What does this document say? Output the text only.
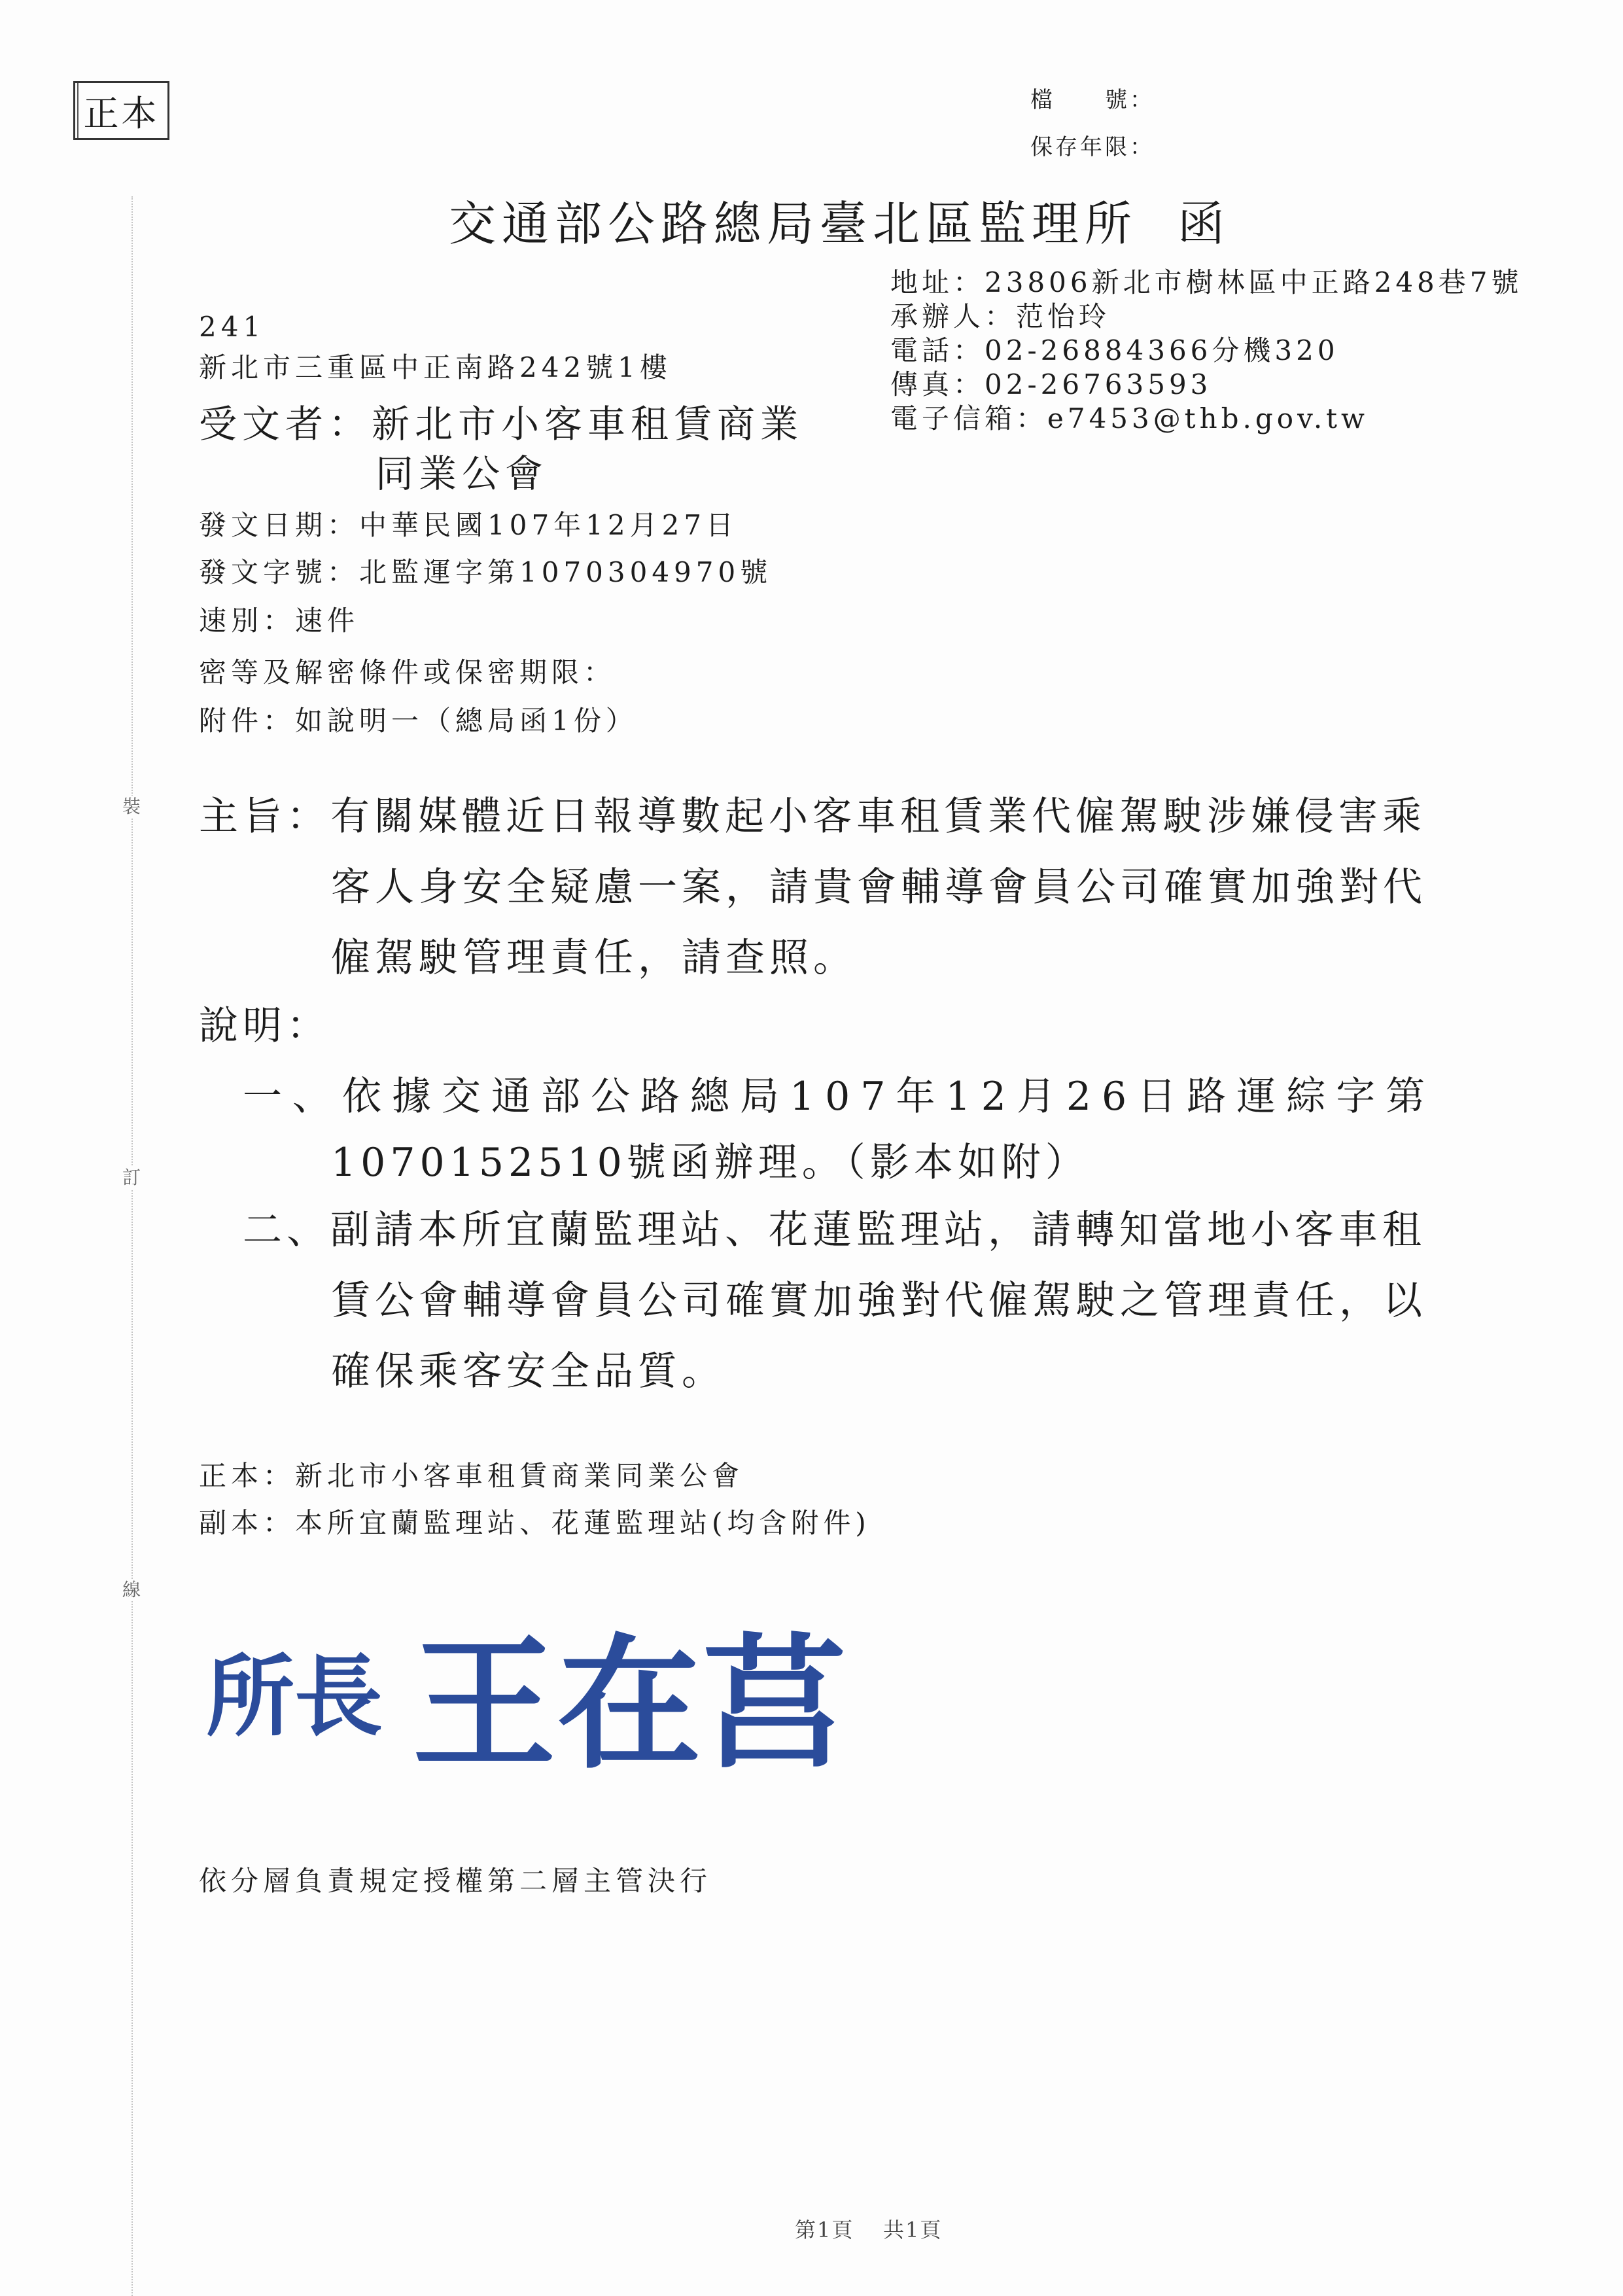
裝
訂
線
正本	檔　　號：
保存年限：
交通部公路總局臺北區監理所 函
地址：23806新北市樹林區中正路248巷7號
承辦人：范怡玲
電話：02-26884366分機320
傳真：02-26763593
電子信箱：e7453@thb.gov.tw
241
新北市三重區中正南路242號1樓
受文者：新北市小客車租賃商業
同業公會
發文日期：中華民國107年12月27日
發文字號：北監運字第1070304970號
速別：速件
密等及解密條件或保密期限：
附件：如說明一（總局函1份）
主旨：有關媒體近日報導數起小客車租賃業代僱駕駛涉嫌侵害乘
客人身安全疑慮一案，請貴會輔導會員公司確實加強對代
僱駕駛管理責任，請查照。
說明：
一、依據交通部公路總局107年12月26日路運綜字第
1070152510號函辦理。（影本如附）
二、副請本所宜蘭監理站、花蓮監理站，請轉知當地小客車租
賃公會輔導會員公司確實加強對代僱駕駛之管理責任，以
確保乘客安全品質。
正本：新北市小客車租賃商業同業公會
副本：本所宜蘭監理站、花蓮監理站(均含附件)
所長 王在莒
依分層負責規定授權第二層主管決行
第1頁 共1頁
